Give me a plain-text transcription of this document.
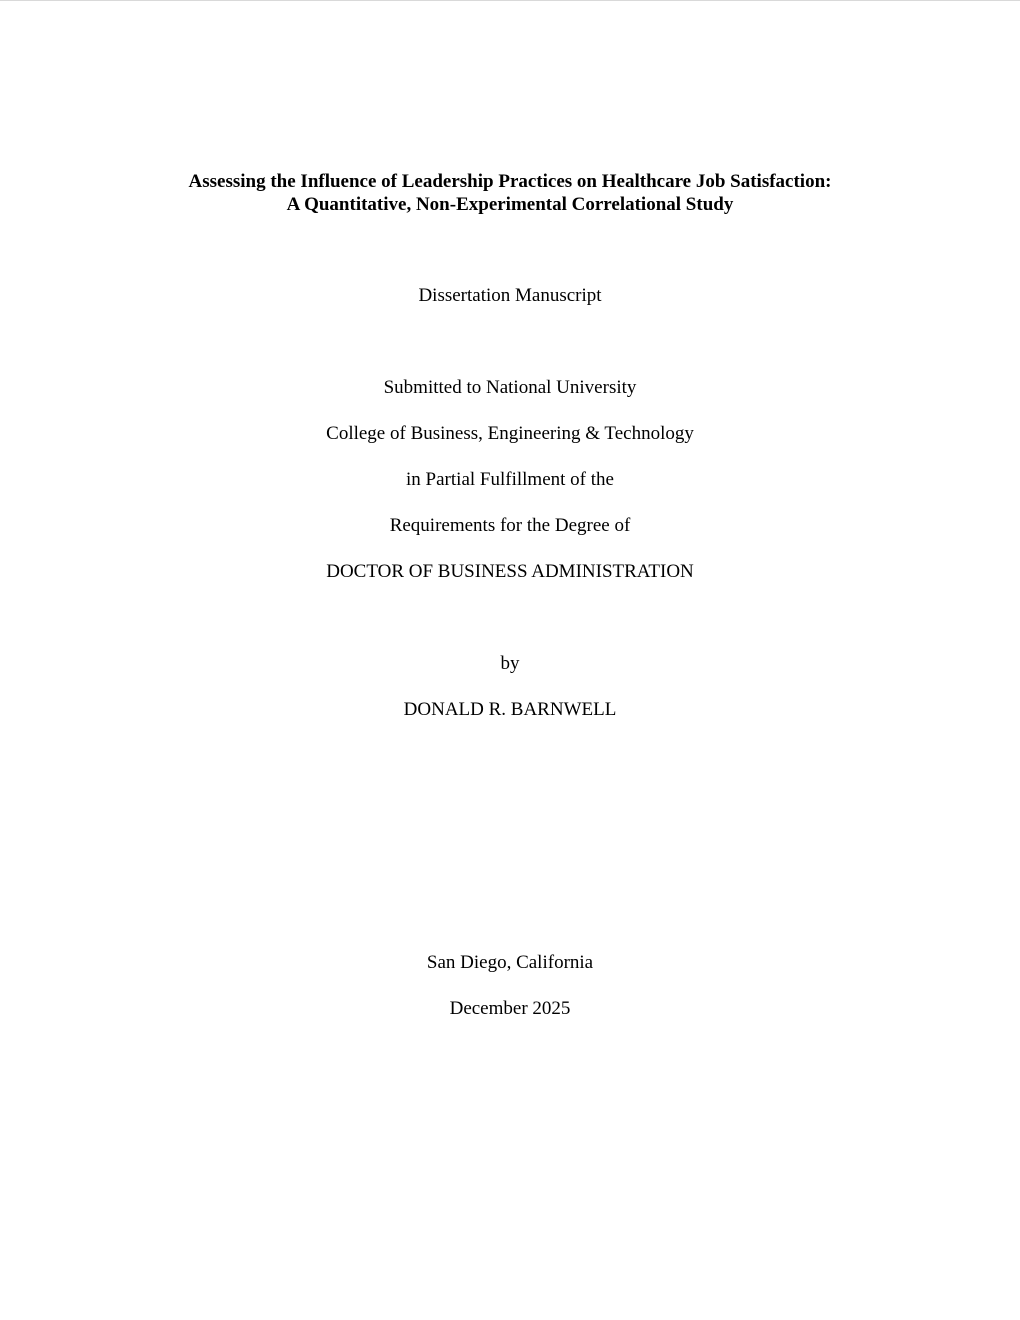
Assessing the Influence of Leadership Practices on Healthcare Job Satisfaction:
A Quantitative, Non-Experimental Correlational Study
Dissertation Manuscript
Submitted to National University
College of Business, Engineering & Technology
in Partial Fulfillment of the
Requirements for the Degree of
DOCTOR OF BUSINESS ADMINISTRATION
by
DONALD R. BARNWELL
San Diego, California
December 2025
